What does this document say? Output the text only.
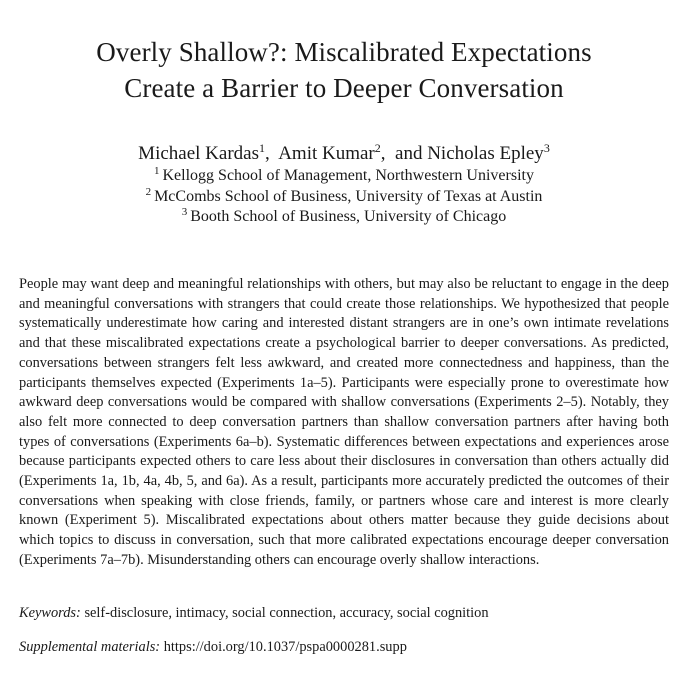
Overly Shallow?: Miscalibrated Expectations
Create a Barrier to Deeper Conversation
Michael Kardas$^1$,  Amit Kumar$^2$,  and Nicholas Epley$^3$
$^1$ Kellogg School of Management, Northwestern University
$^2$ McCombs School of Business, University of Texas at Austin
$^3$ Booth School of Business, University of Chicago
People may want deep and meaningful relationships with others, but may also be reluctant to engage in the deep and meaningful conversations with strangers that could create those relationships. We hypothesized that people systematically underestimate how caring and interested distant strangers are in one’s own intimate revelations and that these miscalibrated expectations create a psychological barrier to deeper conversations. As predicted, conversations between strangers felt less awkward, and created more connectedness and happiness, than the participants themselves expected (Experiments 1a–5). Participants were especially prone to overestimate how awkward deep conversations would be compared with shallow conversations (Experiments 2–5). Notably, they also felt more connected to deep conversation partners than shallow conversation partners after having both types of conversations (Experiments 6a–b). Systematic differences between expectations and experiences arose because participants expected others to care less about their disclosures in conversation than others actually did (Experiments 1a, 1b, 4a, 4b, 5, and 6a). As a result, participants more accurately predicted the outcomes of their conversations when speaking with close friends, family, or partners whose care and interest is more clearly known (Experiment 5). Miscalibrated expectations about others matter because they guide decisions about which topics to discuss in conversation, such that more calibrated expectations encourage deeper conversation (Experiments 7a–7b). Misunderstanding others can encourage overly shallow interactions.
Keywords: self-disclosure, intimacy, social connection, accuracy, social cognition
Supplemental materials: https://doi.org/10.1037/pspa0000281.supp
